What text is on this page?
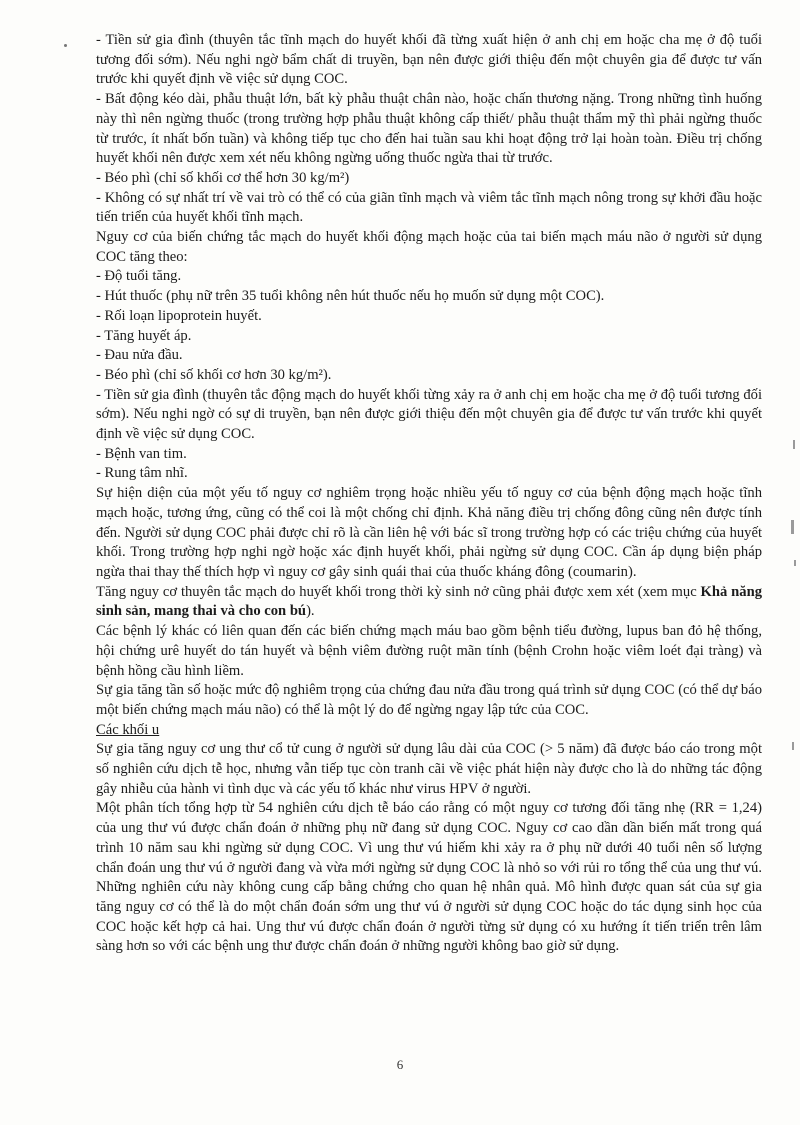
- Tiền sử gia đình (thuyên tắc tĩnh mạch do huyết khối đã từng xuất hiện ở anh chị em hoặc cha mẹ ở độ tuổi tương đối sớm). Nếu nghi ngờ bẩm chất di truyền, bạn nên được giới thiệu đến một chuyên gia để được tư vấn trước khi quyết định về việc sử dụng COC.

- Bất động kéo dài, phẫu thuật lớn, bất kỳ phẫu thuật chân nào, hoặc chấn thương nặng. Trong những tình huống này thì nên ngừng thuốc (trong trường hợp phẫu thuật không cấp thiết/ phẫu thuật thẩm mỹ thì phải ngừng thuốc từ trước, ít nhất bốn tuần) và không tiếp tục cho đến hai tuần sau khi hoạt động trở lại hoàn toàn. Điều trị chống huyết khối nên được xem xét nếu không ngừng uống thuốc ngừa thai từ trước.

- Béo phì (chỉ số khối cơ thể hơn 30 kg/m²)

- Không có sự nhất trí về vai trò có thể có của giãn tĩnh mạch và viêm tắc tĩnh mạch nông trong sự khởi đầu hoặc tiến triển của huyết khối tĩnh mạch.

Nguy cơ của biến chứng tắc mạch do huyết khối động mạch hoặc của tai biến mạch máu não ở người sử dụng COC tăng theo:

- Độ tuổi tăng.

- Hút thuốc (phụ nữ trên 35 tuổi không nên hút thuốc nếu họ muốn sử dụng một COC).

- Rối loạn lipoprotein huyết.

- Tăng huyết áp.

- Đau nửa đầu.

- Béo phì (chỉ số khối cơ hơn 30 kg/m²).

- Tiền sử gia đình (thuyên tắc động mạch do huyết khối từng xảy ra ở anh chị em hoặc cha mẹ ở độ tuổi tương đối sớm). Nếu nghi ngờ có sự di truyền, bạn nên được giới thiệu đến một chuyên gia để được tư vấn trước khi quyết định về việc sử dụng COC.

- Bệnh van tim.

- Rung tâm nhĩ.

Sự hiện diện của một yếu tố nguy cơ nghiêm trọng hoặc nhiều yếu tố nguy cơ của bệnh động mạch hoặc tĩnh mạch hoặc, tương ứng, cũng có thể coi là một chống chỉ định. Khả năng điều trị chống đông cũng nên được tính đến. Người sử dụng COC phải được chỉ rõ là cần liên hệ với bác sĩ trong trường hợp có các triệu chứng của huyết khối. Trong trường hợp nghi ngờ hoặc xác định huyết khối, phải ngừng sử dụng COC. Cần áp dụng biện pháp ngừa thai thay thế thích hợp vì nguy cơ gây sinh quái thai của thuốc kháng đông (coumarin).

Tăng nguy cơ thuyên tắc mạch do huyết khối trong thời kỳ sinh nở cũng phải được xem xét (xem mục Khả năng sinh sản, mang thai và cho con bú).

Các bệnh lý khác có liên quan đến các biến chứng mạch máu bao gồm bệnh tiểu đường, lupus ban đỏ hệ thống, hội chứng urê huyết do tán huyết và bệnh viêm đường ruột mãn tính (bệnh Crohn hoặc viêm loét đại tràng) và bệnh hồng cầu hình liềm.

Sự gia tăng tần số hoặc mức độ nghiêm trọng của chứng đau nửa đầu trong quá trình sử dụng COC (có thể dự báo một biến chứng mạch máu não) có thể là một lý do để ngừng ngay lập tức của COC.

Các khối u

Sự gia tăng nguy cơ ung thư cổ tử cung ở người sử dụng lâu dài của COC (> 5 năm) đã được báo cáo trong một số nghiên cứu dịch tễ học, nhưng vẫn tiếp tục còn tranh cãi về việc phát hiện này được cho là do những tác động gây nhiễu của hành vi tình dục và các yếu tố khác như virus HPV ở người.

Một phân tích tổng hợp từ 54 nghiên cứu dịch tễ báo cáo rằng có một nguy cơ tương đối tăng nhẹ (RR = 1,24) của ung thư vú được chẩn đoán ở những phụ nữ đang sử dụng COC. Nguy cơ cao dần dần biến mất trong quá trình 10 năm sau khi ngừng sử dụng COC. Vì ung thư vú hiếm khi xảy ra ở phụ nữ dưới 40 tuổi nên số lượng chẩn đoán ung thư vú ở người đang và vừa mới ngừng sử dụng COC là nhỏ so với rủi ro tổng thể của ung thư vú. Những nghiên cứu này không cung cấp bằng chứng cho quan hệ nhân quả. Mô hình được quan sát của sự gia tăng nguy cơ có thể là do một chẩn đoán sớm ung thư vú ở người sử dụng COC hoặc do tác dụng sinh học của COC hoặc kết hợp cả hai. Ung thư vú được chẩn đoán ở người từng sử dụng có xu hướng ít tiến triển trên lâm sàng hơn so với các bệnh ung thư được chẩn đoán ở những người không bao giờ sử dụng.

6
